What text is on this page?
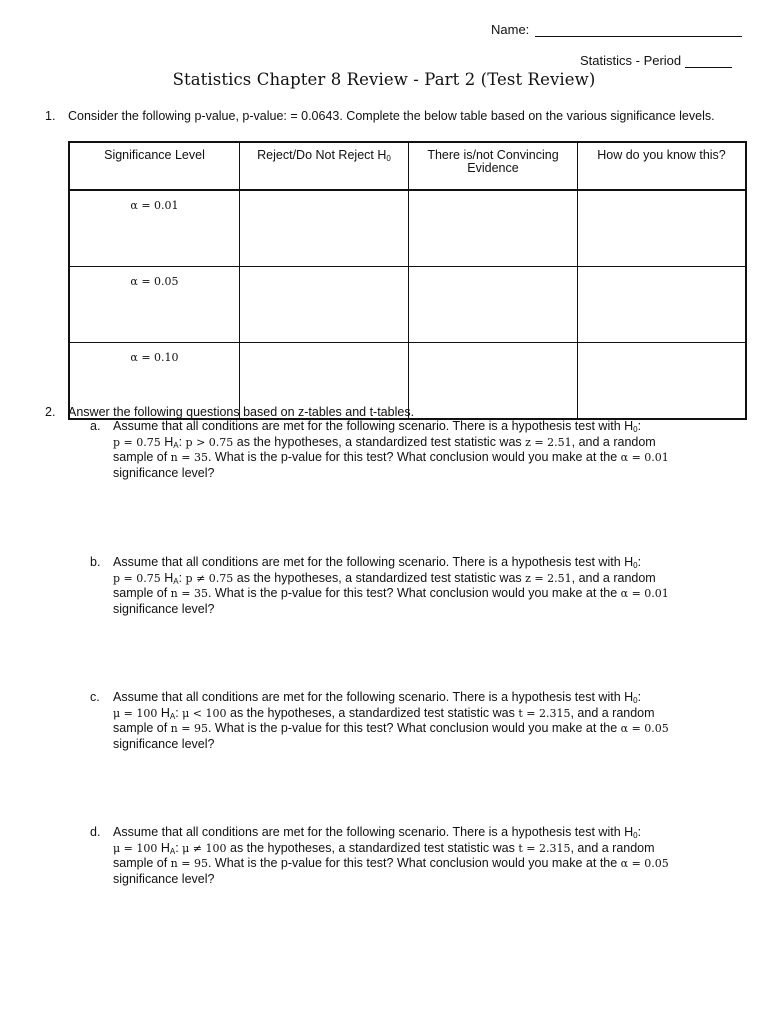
Name:
Statistics - Period
Statistics Chapter 8 Review - Part 2 (Test Review)
1. Consider the following p-value, p-value: = 0.0643. Complete the below table based on the various significance levels.
Significance Level	Reject/Do Not Reject $H_0$	There is/not Convincing Evidence	How do you know this?
α = 0.01			
α = 0.05			
α = 0.10			
2. Answer the following questions based on z-tables and t-tables.
a. Assume that all conditions are met for the following scenario. There is a hypothesis test with $H_0$:
p = 0.75 $H_A$: p > 0.75 as the hypotheses, a standardized test statistic was z = 2.51, and a random
sample of n = 35. What is the p-value for this test? What conclusion would you make at the α = 0.01
significance level?
b. Assume that all conditions are met for the following scenario. There is a hypothesis test with $H_0$:
p = 0.75 $H_A$: p ≠ 0.75 as the hypotheses, a standardized test statistic was z = 2.51, and a random
sample of n = 35. What is the p-value for this test? What conclusion would you make at the α = 0.01
significance level?
c. Assume that all conditions are met for the following scenario. There is a hypothesis test with $H_0$:
μ = 100 $H_A$: μ < 100 as the hypotheses, a standardized test statistic was t = 2.315, and a random
sample of n = 95. What is the p-value for this test? What conclusion would you make at the α = 0.05
significance level?
d. Assume that all conditions are met for the following scenario. There is a hypothesis test with $H_0$:
μ = 100 $H_A$: μ ≠ 100 as the hypotheses, a standardized test statistic was t = 2.315, and a random
sample of n = 95. What is the p-value for this test? What conclusion would you make at the α = 0.05
significance level?
